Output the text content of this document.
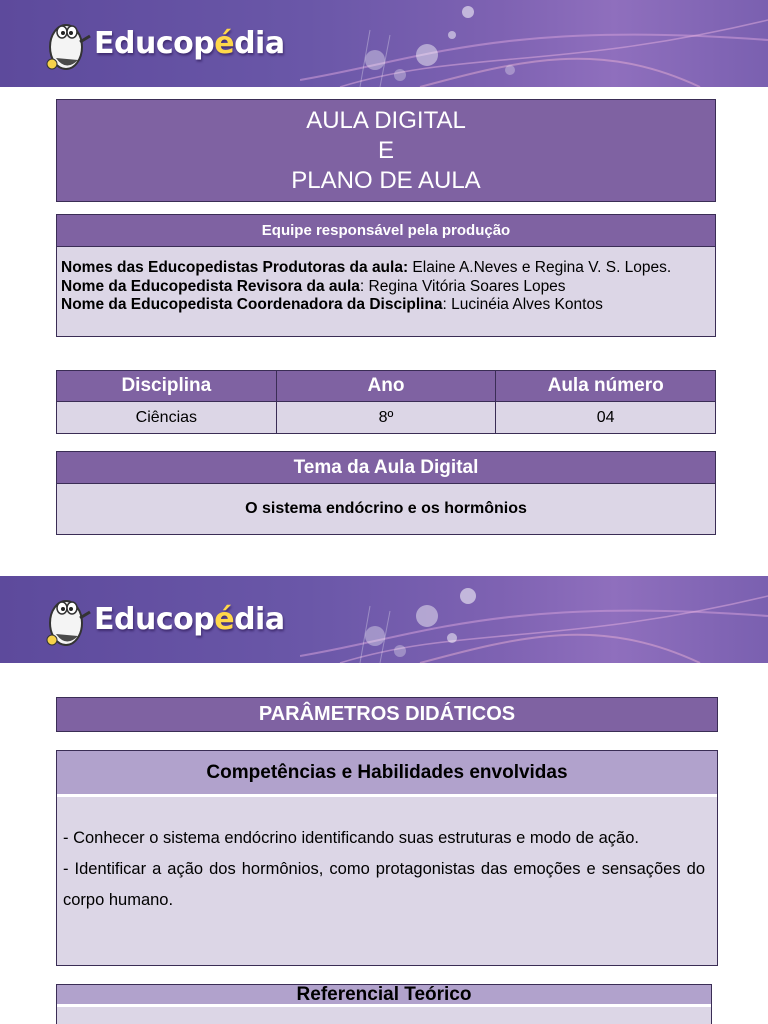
Educopédia
AULA DIGITAL
E
PLANO DE AULA
Equipe responsável pela produção
Nomes das Educopedistas Produtoras da aula: Elaine A.Neves e Regina V. S. Lopes.
Nome da Educopedista Revisora da aula: Regina Vitória Soares Lopes
Nome da Educopedista Coordenadora da Disciplina: Lucinéia Alves Kontos
Disciplina	Ano	Aula número
Ciências	8º	04
Tema da Aula Digital
O sistema endócrino e os hormônios
Educopédia
PARÂMETROS DIDÁTICOS
Competências e Habilidades envolvidas
- Conhecer o sistema endócrino identificando suas estruturas e modo de ação.
- Identificar a ação dos hormônios, como protagonistas das emoções e sensações do corpo humano.
Referencial Teórico
